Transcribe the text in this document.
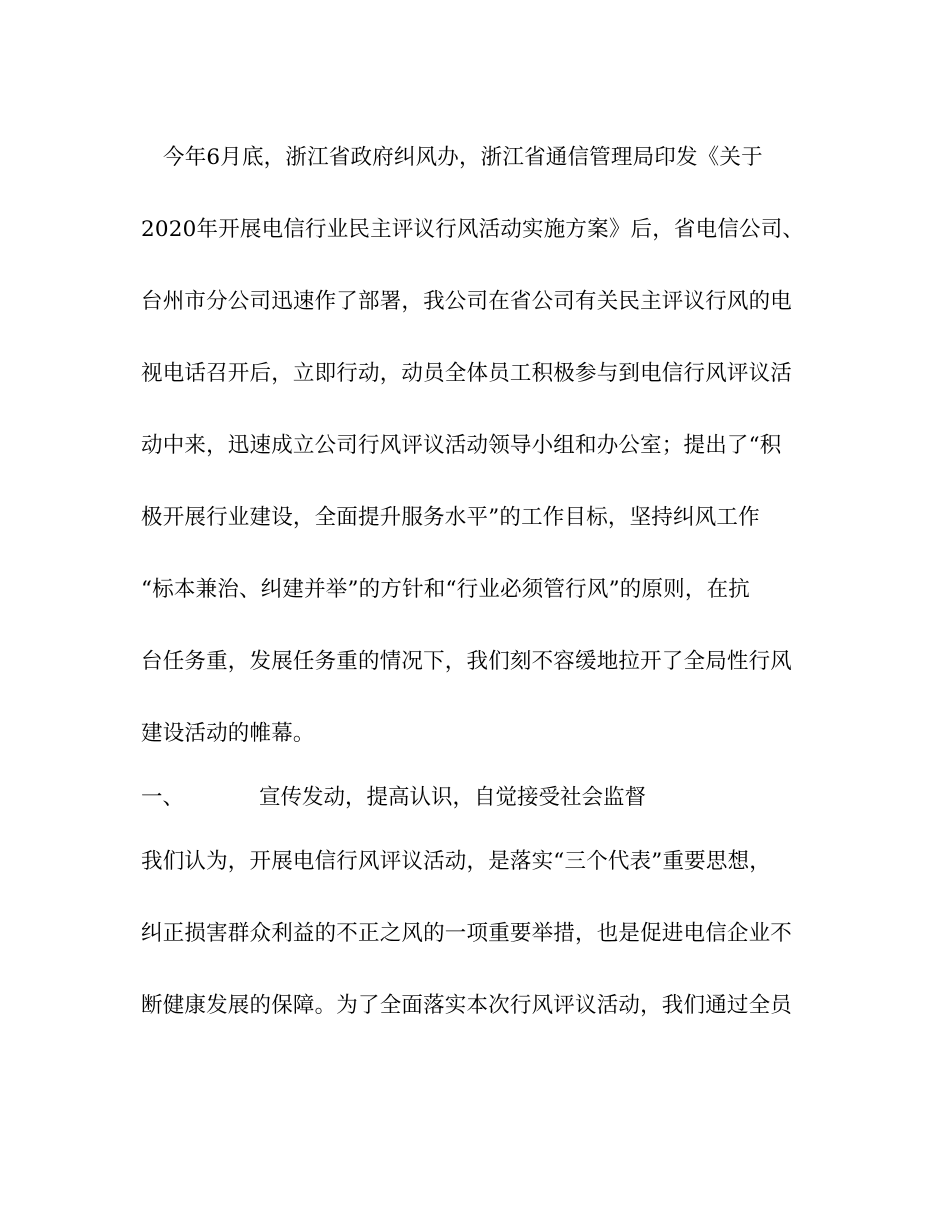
今年6月底，浙江省政府纠风办，浙江省通信管理局印发《关于
2020年开展电信行业民主评议行风活动实施方案》后，省电信公司、
台州市分公司迅速作了部署，我公司在省公司有关民主评议行风的电
视电话召开后，立即行动，动员全体员工积极参与到电信行风评议活
动中来，迅速成立公司行风评议活动领导小组和办公室；提出了“积
极开展行业建设，全面提升服务水平”的工作目标，坚持纠风工作
“标本兼治、纠建并举”的方针和“行业必须管行风”的原则，在抗
台任务重，发展任务重的情况下，我们刻不容缓地拉开了全局性行风
建设活动的帷幕。
一、	宣传发动，提高认识，自觉接受社会监督
我们认为，开展电信行风评议活动，是落实“三个代表”重要思想，
纠正损害群众利益的不正之风的一项重要举措，也是促进电信企业不
断健康发展的保障。为了全面落实本次行风评议活动，我们通过全员
